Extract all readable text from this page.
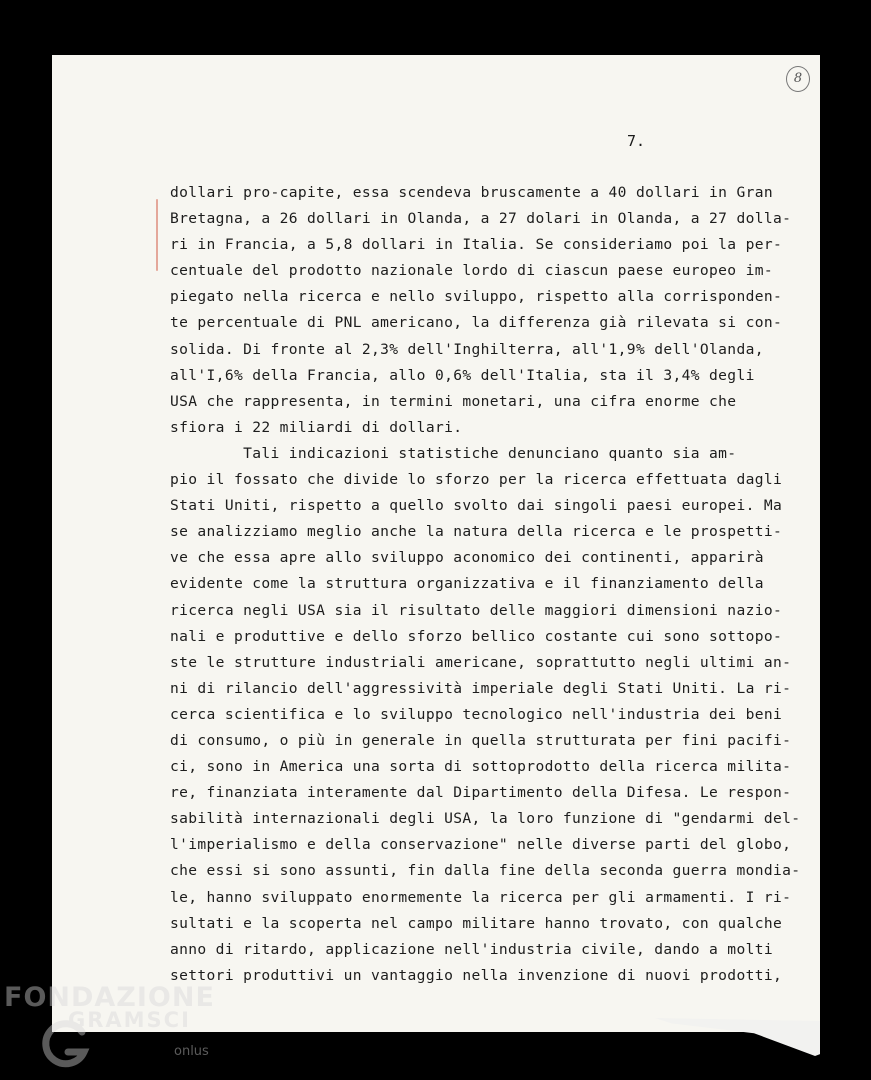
8
7.
dollari pro-capite, essa scendeva bruscamente a 40 dollari in Gran
Bretagna, a 26 dollari in Olanda, a 27 dolari in Olanda, a 27 dolla-
ri in Francia, a 5,8 dollari in Italia. Se consideriamo poi la per-
centuale del prodotto nazionale lordo di ciascun paese europeo im-
piegato nella ricerca e nello sviluppo, rispetto alla corrisponden-
te percentuale di PNL americano, la differenza già rilevata si con-
solida. Di fronte al 2,3% dell'Inghilterra, all'1,9% dell'Olanda,
all'I,6% della Francia, allo 0,6% dell'Italia, sta il 3,4% degli
USA che rappresenta, in termini monetari, una cifra enorme che
sfiora i 22 miliardi di dollari.
Tali indicazioni statistiche denunciano quanto sia am-
pio il fossato che divide lo sforzo per la ricerca effettuata dagli
Stati Uniti, rispetto a quello svolto dai singoli paesi europei. Ma
se analizziamo meglio anche la natura della ricerca e le prospetti-
ve che essa apre allo sviluppo aconomico dei continenti, apparirà
evidente come la struttura organizzativa e il finanziamento della
ricerca negli USA sia il risultato delle maggiori dimensioni nazio-
nali e produttive e dello sforzo bellico costante cui sono sottopo-
ste le strutture industriali americane, soprattutto negli ultimi an-
ni di rilancio dell'aggressività imperiale degli Stati Uniti. La ri-
cerca scientifica e lo sviluppo tecnologico nell'industria dei beni
di consumo, o più in generale in quella strutturata per fini pacifi-
ci, sono in America una sorta di sottoprodotto della ricerca milita-
re, finanziata interamente dal Dipartimento della Difesa. Le respon-
sabilità internazionali degli USA, la loro funzione di "gendarmi del-
l'imperialismo e della conservazione" nelle diverse parti del globo,
che essi si sono assunti, fin dalla fine della seconda guerra mondia-
le, hanno sviluppato enormemente la ricerca per gli armamenti. I ri-
sultati e la scoperta nel campo militare hanno trovato, con qualche
anno di ritardo, applicazione nell'industria civile, dando a molti
settori produttivi un vantaggio nella invenzione di nuovi prodotti,
FONDAZIONE
GRAMSCI
onlus
